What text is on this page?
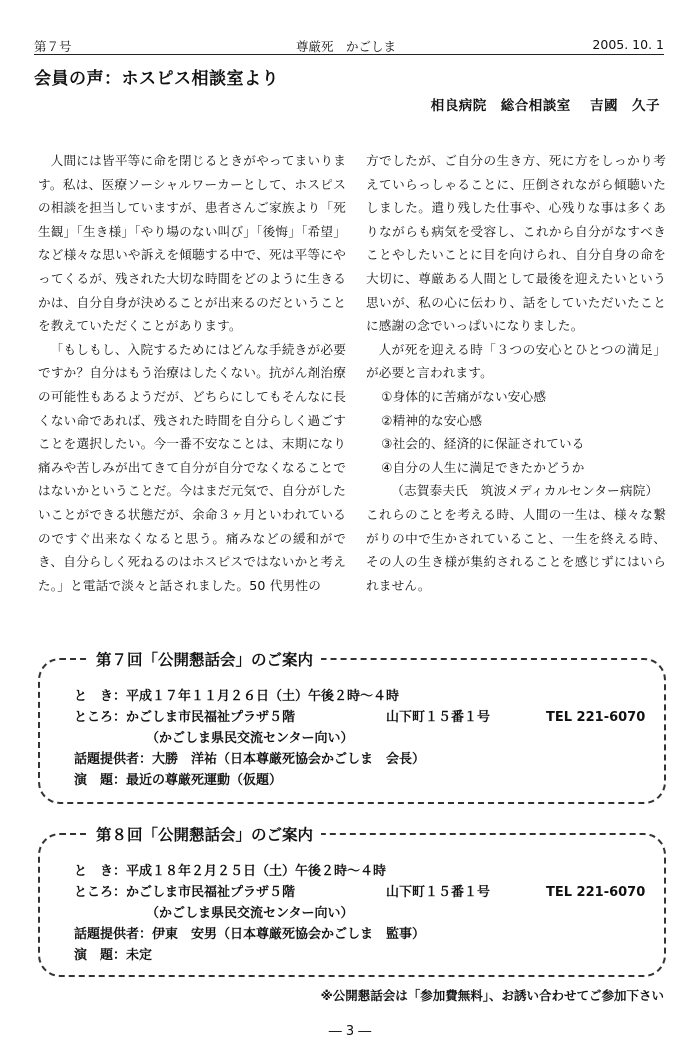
第７号	尊厳死　かごしま	2005. 10. 1
会員の声：ホスピス相談室より
相良病院　総合相談室 吉國　久子

人間には皆平等に命を閉じるときがやってまいります。私は、医療ソーシャルワーカーとして、ホスピスの相談を担当していますが、患者さんご家族より「死生観」「生き様」「やり場のない叫び」「後悔」「希望」など様々な思いや訴えを傾聴する中で、死は平等にやってくるが、残された大切な時間をどのように生きるかは、自分自身が決めることが出来るのだということを教えていただくことがあります。

「もしもし、入院するためにはどんな手続きが必要ですか？自分はもう治療はしたくない。抗がん剤治療の可能性もあるようだが、どちらにしてもそんなに長くない命であれば、残された時間を自分らしく過ごすことを選択したい。今一番不安なことは、末期になり痛みや苦しみが出てきて自分が自分でなくなることではないかということだ。今はまだ元気で、自分がしたいことができる状態だが、余命３ヶ月といわれているのですぐ出来なくなると思う。痛みなどの緩和ができ、自分らしく死ねるのはホスピスではないかと考えた。」と電話で淡々と話されました。50 代男性の

方でしたが、ご自分の生き方、死に方をしっかり考えていらっしゃることに、圧倒されながら傾聴いたしました。遣り残した仕事や、心残りな事は多くありながらも病気を受容し、これから自分がなすべきことやしたいことに目を向けられ、自分自身の命を大切に、尊厳ある人間として最後を迎えたいという思いが、私の心に伝わり、話をしていただいたことに感謝の念でいっぱいになりました。

人が死を迎える時「３つの安心とひとつの満足」が必要と言われます。

①身体的に苦痛がない安心感
②精神的な安心感
③社会的、経済的に保証されている
④自分の人生に満足できたかどうか
（志賀泰夫氏　筑波メディカルセンター病院）

これらのことを考える時、人間の一生は、様々な繋がりの中で生かされていること、一生を終える時、その人の生き様が集約されることを感じずにはいられません。

第７回「公開懇話会」のご案内
と　き：平成１７年１１月２６日（土）午後２時～４時
ところ：かごしま市民福祉プラザ５階	山下町１５番１号	TEL 221-6070
（かごしま県民交流センター向い）
話題提供者：大勝　洋祐（日本尊厳死協会かごしま　会長）
演　題：最近の尊厳死運動（仮題）
第８回「公開懇話会」のご案内
と　き：平成１８年２月２５日（土）午後２時～４時
ところ：かごしま市民福祉プラザ５階	山下町１５番１号	TEL 221-6070
（かごしま県民交流センター向い）
話題提供者：伊東　安男（日本尊厳死協会かごしま　監事）
演　題：未定
※公開懇話会は「参加費無料」、お誘い合わせてご参加下さい
― 3 ―
